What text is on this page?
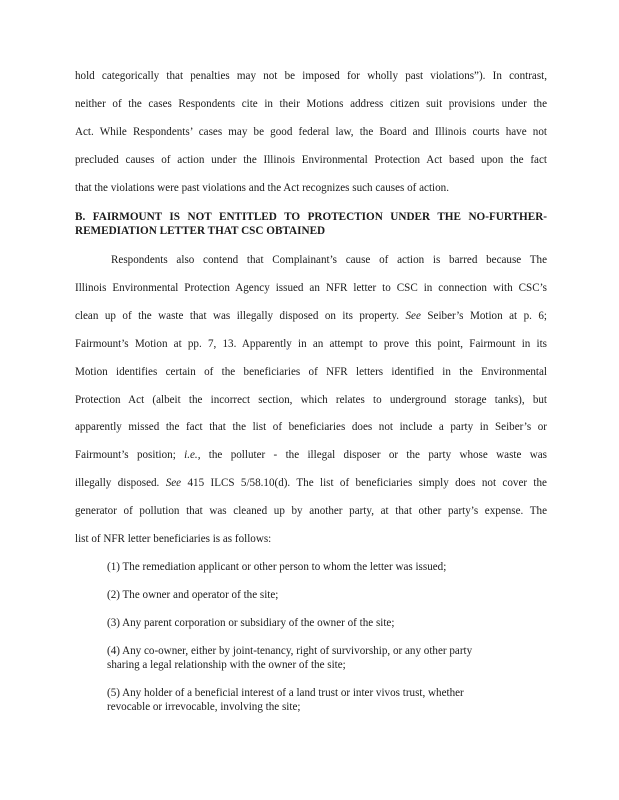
hold categorically that penalties may not be imposed for wholly past violations”). In contrast,
neither of the cases Respondents cite in their Motions address citizen suit provisions under the
Act. While Respondents’ cases may be good federal law, the Board and Illinois courts have not
precluded causes of action under the Illinois Environmental Protection Act based upon the fact
that the violations were past violations and the Act recognizes such causes of action.
B. FAIRMOUNT IS NOT ENTITLED TO PROTECTION UNDER THE NO-FURTHER-
REMEDIATION LETTER THAT CSC OBTAINED
Respondents also contend that Complainant’s cause of action is barred because The
Illinois Environmental Protection Agency issued an NFR letter to CSC in connection with CSC’s
clean up of the waste that was illegally disposed on its property. See Seiber’s Motion at p. 6;
Fairmount’s Motion at pp. 7, 13. Apparently in an attempt to prove this point, Fairmount in its
Motion identifies certain of the beneficiaries of NFR letters identified in the Environmental
Protection Act (albeit the incorrect section, which relates to underground storage tanks), but
apparently missed the fact that the list of beneficiaries does not include a party in Seiber’s or
Fairmount’s position; i.e., the polluter - the illegal disposer or the party whose waste was
illegally disposed. See 415 ILCS 5/58.10(d). The list of beneficiaries simply does not cover the
generator of pollution that was cleaned up by another party, at that other party’s expense. The
list of NFR letter beneficiaries is as follows:
(1) The remediation applicant or other person to whom the letter was issued;
(2) The owner and operator of the site;
(3) Any parent corporation or subsidiary of the owner of the site;
(4) Any co-owner, either by joint-tenancy, right of survivorship, or any other party
sharing a legal relationship with the owner of the site;
(5) Any holder of a beneficial interest of a land trust or inter vivos trust, whether
revocable or irrevocable, involving the site;
